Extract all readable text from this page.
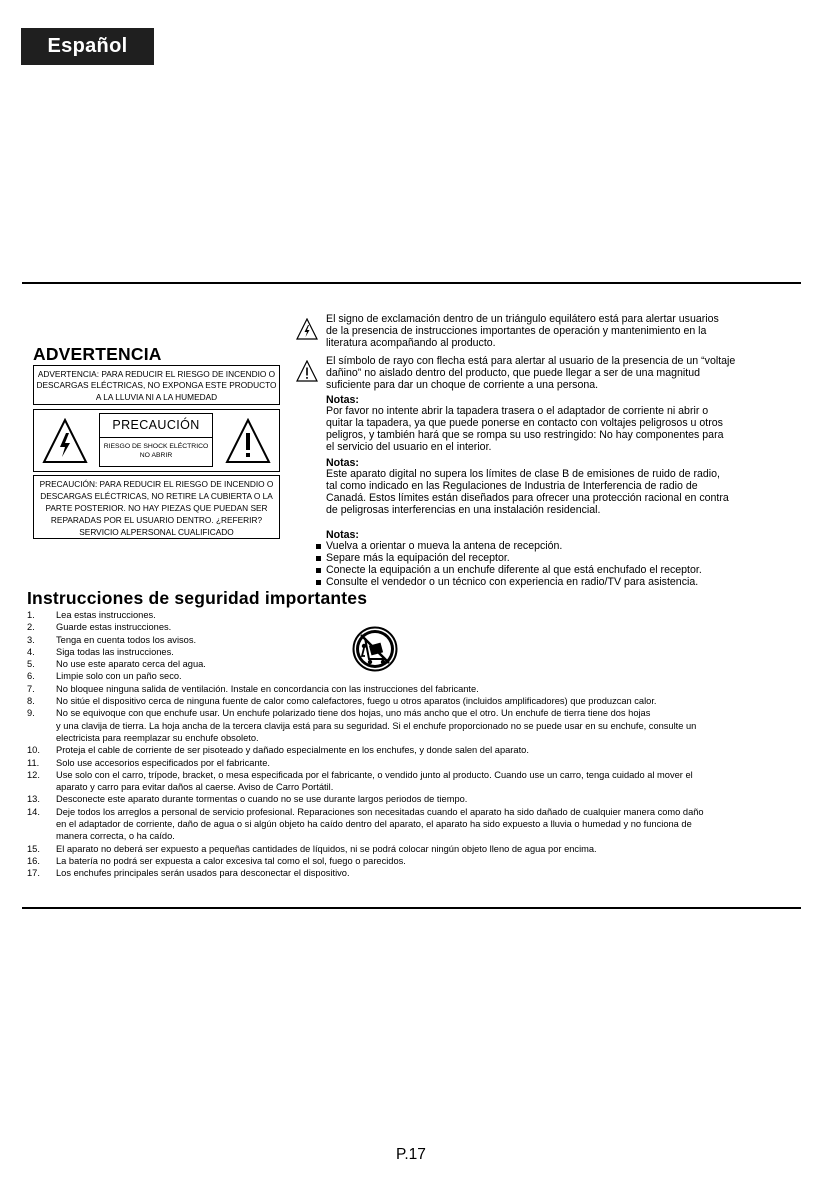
Español
ADVERTENCIA
ADVERTENCIA: PARA REDUCIR EL RIESGO DE INCENDIO O DESCARGAS ELÉCTRICAS, NO EXPONGA ESTE PRODUCTO A LA LLUVIA NI A LA HUMEDAD
PRECAUCIÓN
RIESGO DE SHOCK ELÉCTRICO NO ABRIR
PRECAUCIÓN: PARA REDUCIR EL RIESGO DE INCENDIO O DESCARGAS ELÉCTRICAS, NO RETIRE LA CUBIERTA O LA PARTE POSTERIOR. NO HAY PIEZAS QUE PUEDAN SER REPARADAS POR EL USUARIO DENTRO. ¿REFERIR? SERVICIO ALPERSONAL CUALIFICADO
El signo de exclamación dentro de un triángulo equilátero está para alertar usuarios
de la presencia de instrucciones importantes de operación y mantenimiento en la
literatura acompañando al producto.
El símbolo de rayo con flecha está para alertar al usuario de la presencia de un “voltaje
dañino” no aislado dentro del producto, que puede llegar a ser de una magnitud
suficiente para dar un choque de corriente a una persona.
Notas:
Por favor no intente abrir la tapadera trasera o el adaptador de corriente ni abrir o
quitar la tapadera, ya que puede ponerse en contacto con voltajes peligrosos u otros
peligros, y también hará que se rompa su uso restringido: No hay componentes para
el servicio del usuario en el interior.
Notas:
Este aparato digital no supera los límites de clase B de emisiones de ruido de radio,
tal como indicado en las Regulaciones de Industria de Interferencia de radio de
Canadá. Estos límites están diseñados para ofrecer una protección racional en contra
de peligrosas interferencias en una instalación residencial.
Notas:
Vuelva a orientar o mueva la antena de recepción.
Separe más la equipación del receptor.
Conecte la equipación a un enchufe diferente al que está enchufado el receptor.
Consulte el vendedor o un técnico con experiencia en radio/TV para asistencia.
Instrucciones de seguridad importantes
1.	Lea estas instrucciones.
2.	Guarde estas instrucciones.
3.	Tenga en cuenta todos los avisos.
4.	Siga todas las instrucciones.
5.	No use este aparato cerca del agua.
6.	Limpie solo con un paño seco.
7.	No bloquee ninguna salida de ventilación. Instale en concordancia con las instrucciones del fabricante.
8.	No sitúe el dispositivo cerca de ninguna fuente de calor como calefactores, fuego u otros aparatos (incluidos amplificadores) que produzcan calor.
9.	No se equivoque con que enchufe usar. Un enchufe polarizado tiene dos hojas, uno más ancho que el otro. Un enchufe de tierra tiene dos hojas
y una clavija de tierra. La hoja ancha de la tercera clavija está para su seguridad. Si el enchufe proporcionado no se puede usar en su enchufe, consulte un
electricista para reemplazar su enchufe obsoleto.
10.	Proteja el cable de corriente de ser pisoteado y dañado especialmente en los enchufes, y donde salen del aparato.
11.	Solo use accesorios especificados por el fabricante.
12.	Use solo con el carro, trípode, bracket, o mesa especificada por el fabricante, o vendido junto al producto. Cuando use un carro, tenga cuidado al mover el
aparato y carro para evitar daños al caerse. Aviso de Carro Portátil.
13.	Desconecte este aparato durante tormentas o cuando no se use durante largos periodos de tiempo.
14.	Deje todos los arreglos a personal de servicio profesional. Reparaciones son necesitadas cuando el aparato ha sido dañado de cualquier manera como daño
en el adaptador de corriente, daño de agua o si algún objeto ha caído dentro del aparato, el aparato ha sido expuesto a lluvia o humedad y no funciona de
manera correcta, o ha caído.
15.	El aparato no deberá ser expuesto a pequeñas cantidades de líquidos, ni se podrá colocar ningún objeto lleno de agua por encima.
16.	La batería no podrá ser expuesta a calor excesiva tal como el sol, fuego o parecidos.
17.	Los enchufes principales serán usados para desconectar el dispositivo.
P.17
